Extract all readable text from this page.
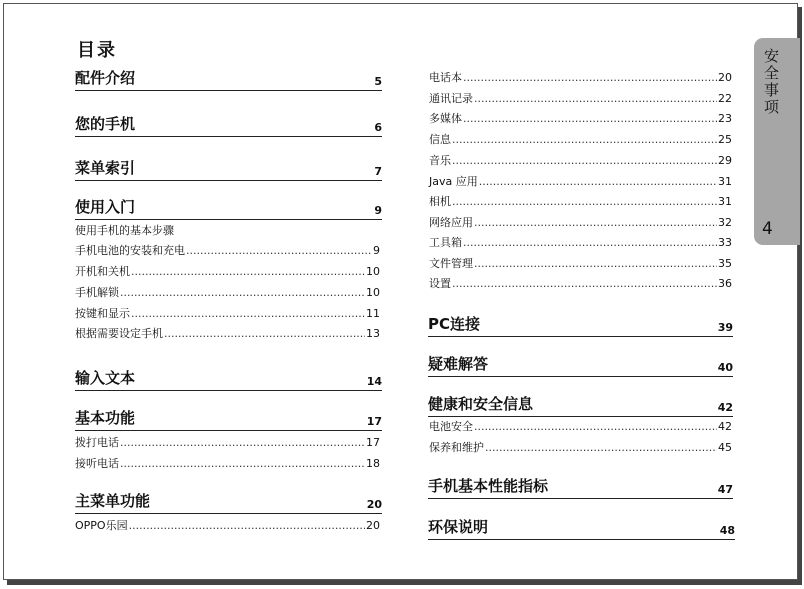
目录
配件介绍	5
您的手机	6
菜单索引	7
使用入门	9
使用手机的基本步骤
手机电池的安装和充电 .....	9
开机和关机 .....	10
手机解锁 .....	10
按键和显示 .....	11
根据需要设定手机 .....	13
输入文本	14
基本功能	17
拨打电话 .....	17
接听电话 .....	18
主菜单功能	20
OPPO乐园 .....	20
电话本 .....	20
通讯记录 .....	22
多媒体 .....	23
信息 .....	25
音乐 .....	29
Java 应用 .....	31
相机 .....	31
网络应用 .....	32
工具箱 .....	33
文件管理 .....	35
设置 .....	36
PC连接	39
疑难解答	40
健康和安全信息	42
电池安全 .....	42
保养和维护 .....	45
手机基本性能指标	47
环保说明	48
安全事项
4
